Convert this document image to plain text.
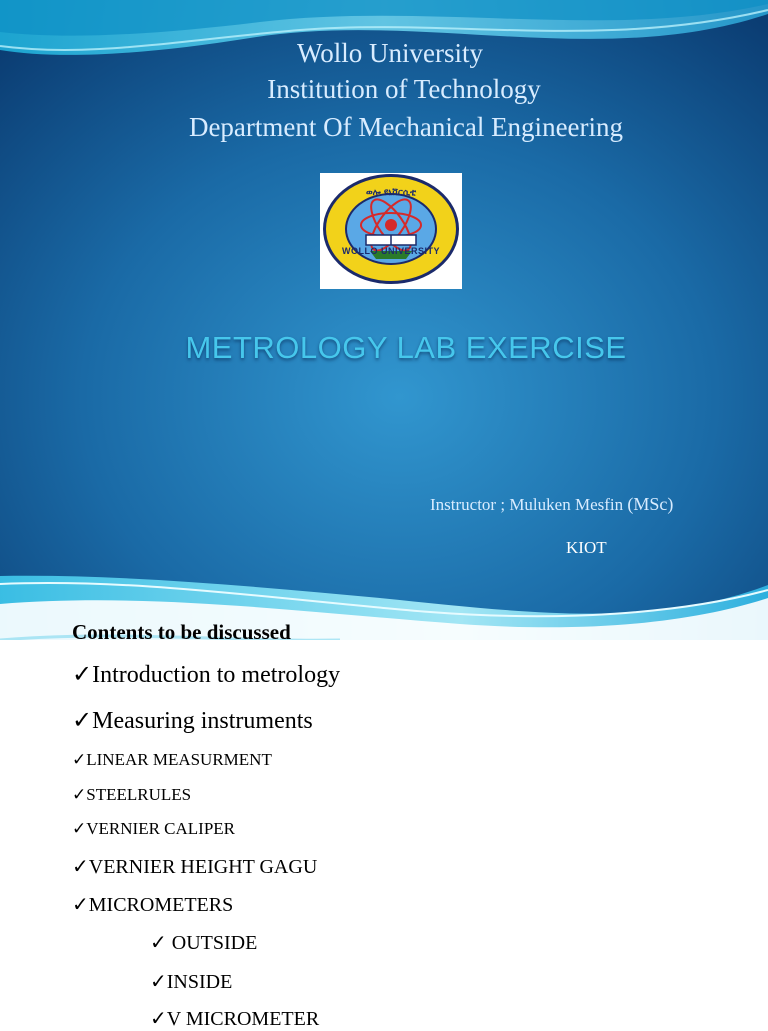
Wollo University
Institution of Technology
Department Of Mechanical Engineering
ወሎ ዩኒቨርሲቲ
WOLLO UNIVERSITY
METROLOGY LAB EXERCISE
Instructor ; Muluken Mesfin (MSc)
KIOT
Contents to be discussed
✓Introduction to metrology
✓Measuring instruments
✓LINEAR MEASURMENT
✓STEELRULES
✓VERNIER CALIPER
✓VERNIER HEIGHT GAGU
✓MICROMETERS
✓ OUTSIDE
✓INSIDE
✓V MICROMETER
